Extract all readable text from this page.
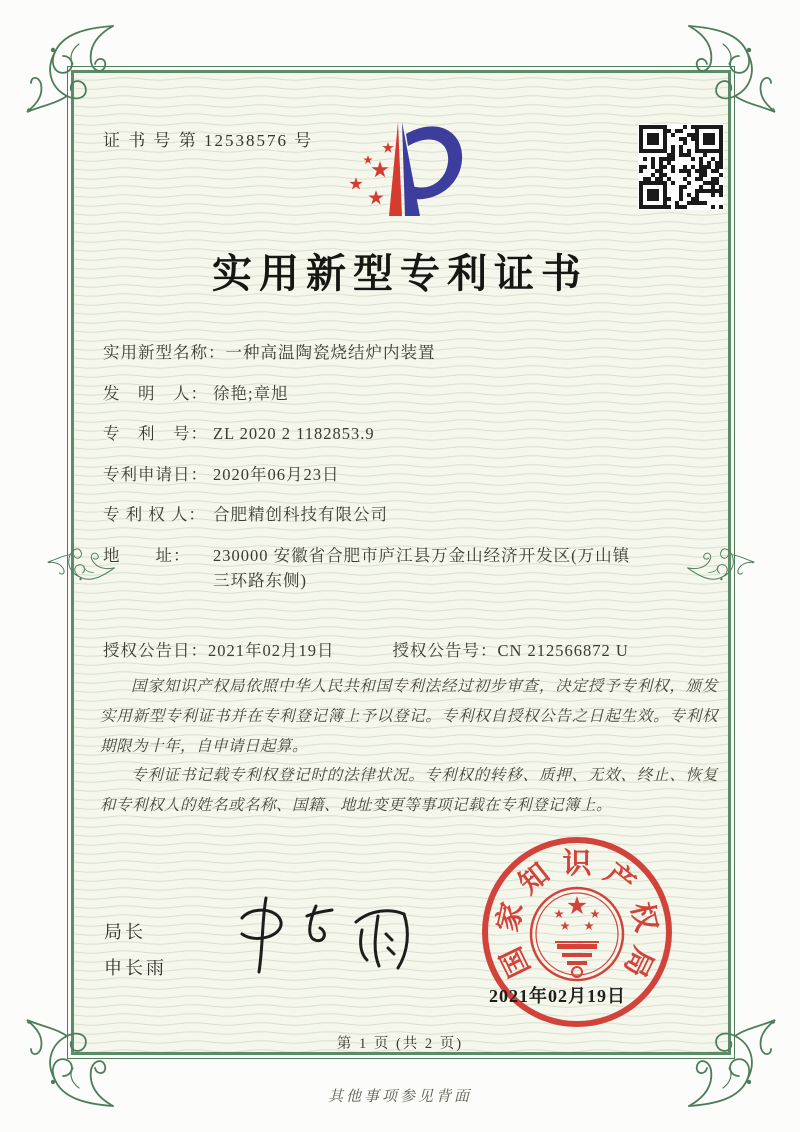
证 书 号 第 12538576 号
实用新型专利证书
实用新型名称： 一种高温陶瓷烧结炉内装置
发　明　人： 徐艳;章旭
专　利　号： ZL 2020 2 1182853.9
专利申请日： 2020年06月23日
专 利 权 人： 合肥精创科技有限公司
地　　址：	230000 安徽省合肥市庐江县万金山经济开发区(万山镇三环路东侧)
授权公告日：2021年02月19日	授权公告号：CN 212566872 U

国家知识产权局依照中华人民共和国专利法经过初步审查，决定授予专利权，颁发实用新型专利证书并在专利登记簿上予以登记。专利权自授权公告之日起生效。专利权期限为十年，自申请日起算。

专利证书记载专利权登记时的法律状况。专利权的转移、质押、无效、终止、恢复和专利权人的姓名或名称、国籍、地址变更等事项记载在专利登记簿上。

局长
申长雨	国
家
知 识 产
权
局
2021年02月19日
第 1 页 (共 2 页)
其他事项参见背面
